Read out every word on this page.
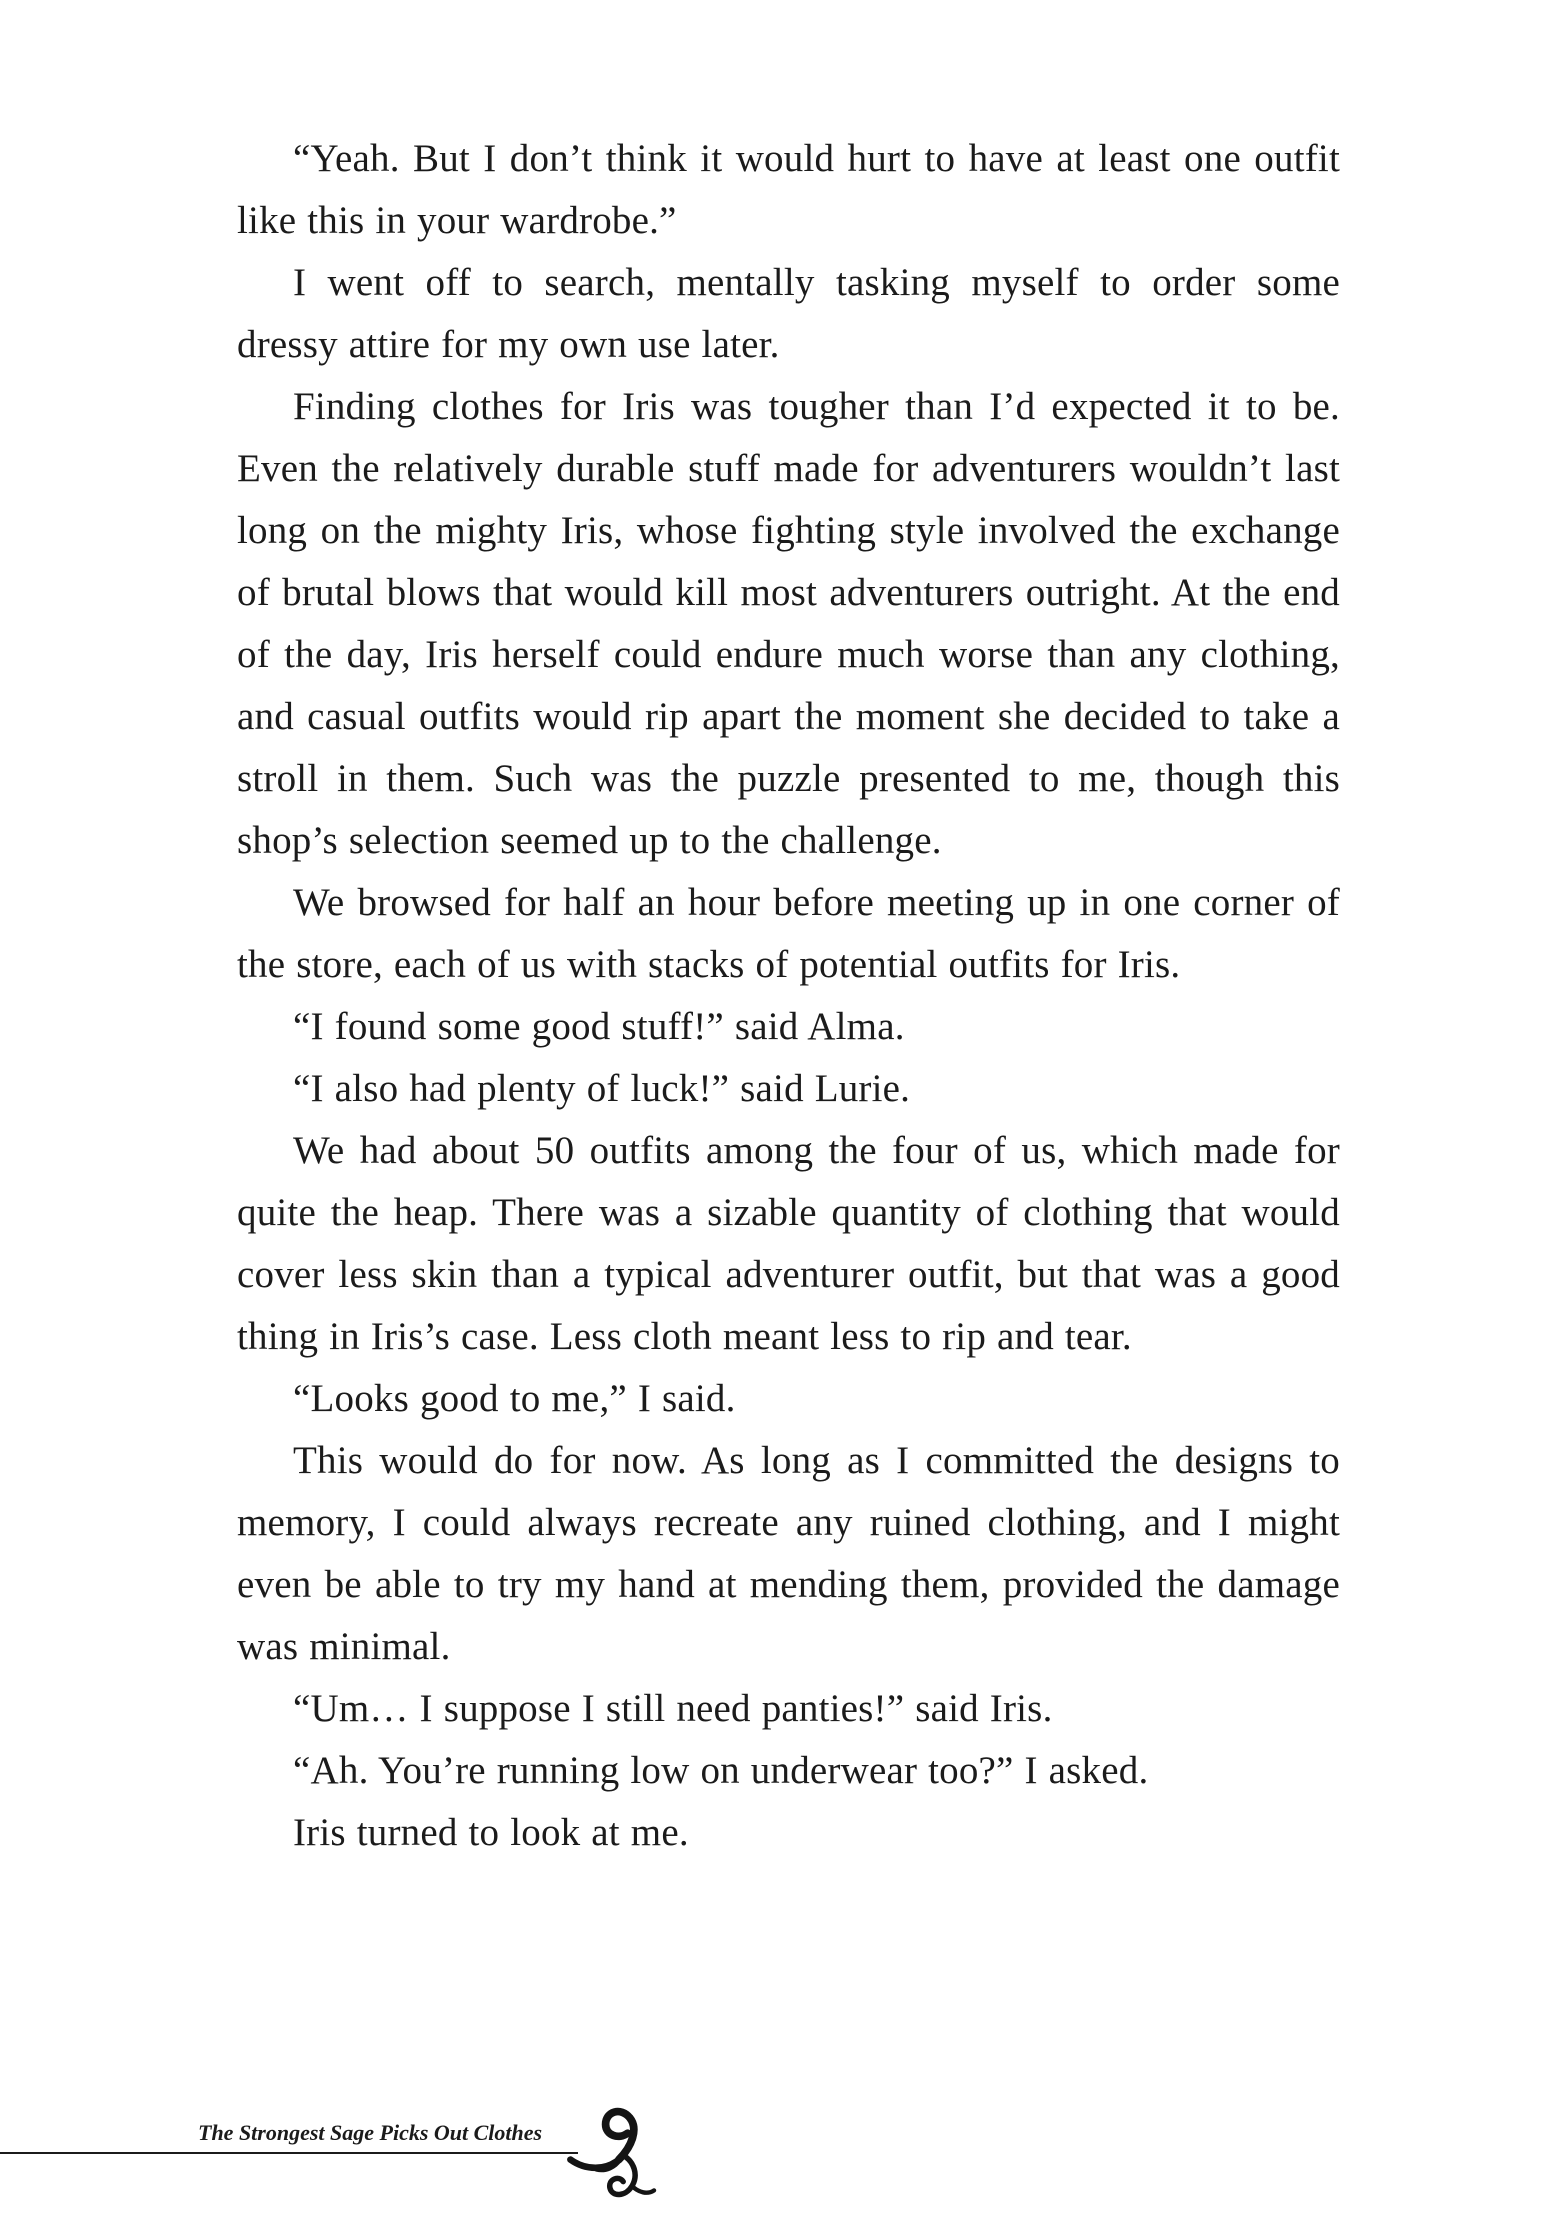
“Yeah. But I don’t think it would hurt to have at least one outfit like this in your wardrobe.”

I went off to search, mentally tasking myself to order some dressy attire for my own use later.

Finding clothes for Iris was tougher than I’d expected it to be. Even the relatively durable stuff made for adventurers wouldn’t last long on the mighty Iris, whose fighting style involved the exchange of brutal blows that would kill most adventurers outright. At the end of the day, Iris herself could endure much worse than any clothing, and casual outfits would rip apart the moment she decided to take a stroll in them. Such was the puzzle presented to me, though this shop’s selection seemed up to the challenge.

We browsed for half an hour before meeting up in one corner of the store, each of us with stacks of potential outfits for Iris.

“I found some good stuff!” said Alma.

“I also had plenty of luck!” said Lurie.

We had about 50 outfits among the four of us, which made for quite the heap. There was a sizable quantity of clothing that would cover less skin than a typical adventurer outfit, but that was a good thing in Iris’s case. Less cloth meant less to rip and tear.

“Looks good to me,” I said.

This would do for now. As long as I committed the designs to memory, I could always recreate any ruined clothing, and I might even be able to try my hand at mending them, provided the damage was minimal.

“Um… I suppose I still need panties!” said Iris.

“Ah. You’re running low on underwear too?” I asked.

Iris turned to look at me.

The Strongest Sage Picks Out Clothes
